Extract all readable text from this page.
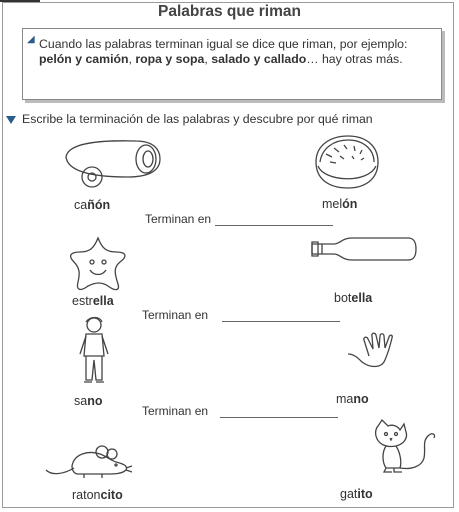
Palabras que riman
◢ Cuando las palabras terminan igual se dice que riman, por ejemplo:
pelón y camión, ropa y sopa, salado y callado… hay otras más.
Escribe la terminación de las palabras y descubre por qué riman
cañón	melón
Terminan en
estrella	botella
Terminan en
sano	mano
Terminan en
ratoncito	gatito
